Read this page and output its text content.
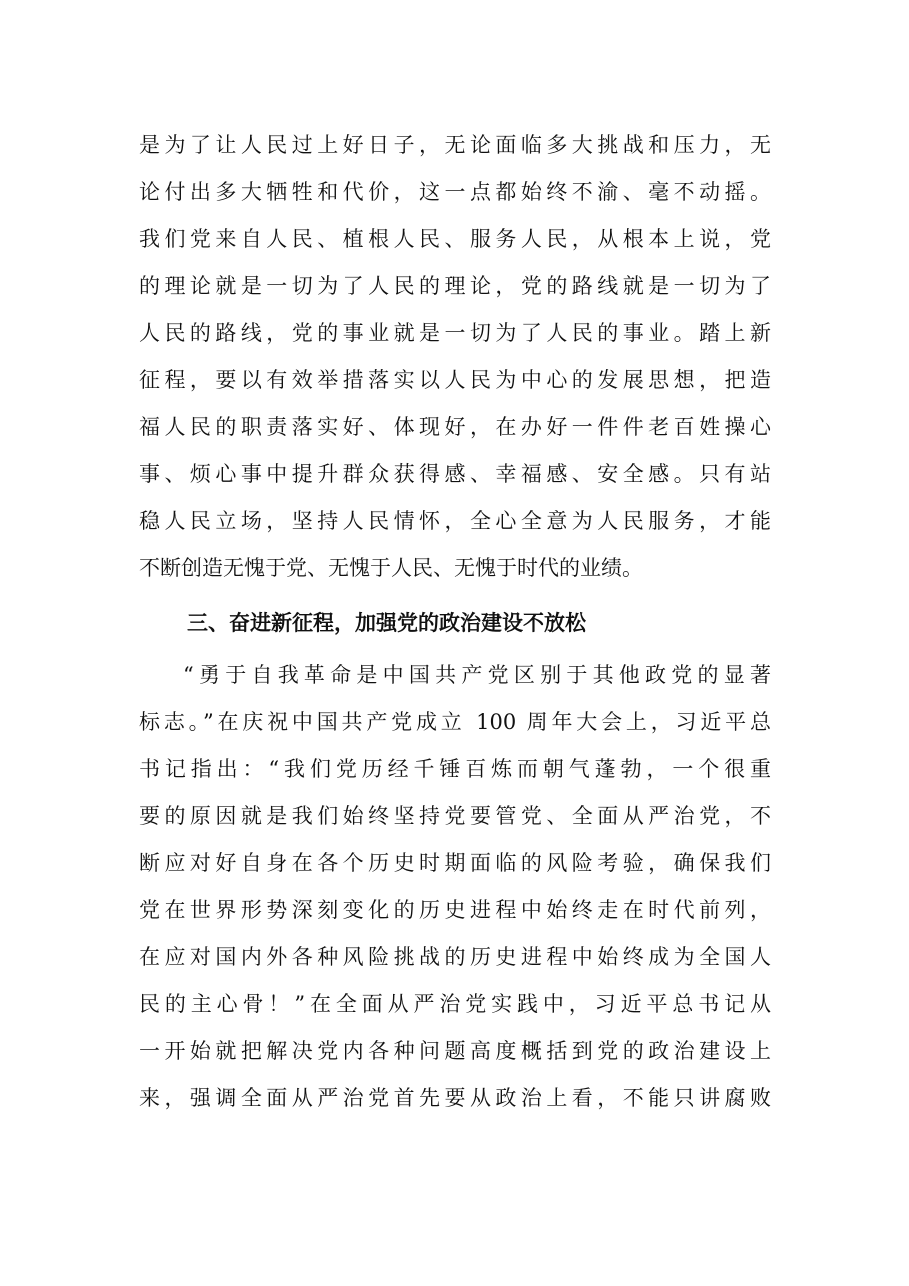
是为了让人民过上好日子，无论面临多大挑战和压力，无
论付出多大牺牲和代价，这一点都始终不渝、毫不动摇。
我们党来自人民、植根人民、服务人民，从根本上说，党
的理论就是一切为了人民的理论，党的路线就是一切为了
人民的路线，党的事业就是一切为了人民的事业。踏上新
征程，要以有效举措落实以人民为中心的发展思想，把造
福人民的职责落实好、体现好，在办好一件件老百姓操心
事、烦心事中提升群众获得感、幸福感、安全感。只有站
稳人民立场，坚持人民情怀，全心全意为人民服务，才能
不断创造无愧于党、无愧于人民、无愧于时代的业绩。
三、奋进新征程，加强党的政治建设不放松
“勇于自我革命是中国共产党区别于其他政党的显著
标志。”在庆祝中国共产党成立 100 周年大会上，习近平总
书记指出：“我们党历经千锤百炼而朝气蓬勃，一个很重
要的原因就是我们始终坚持党要管党、全面从严治党，不
断应对好自身在各个历史时期面临的风险考验，确保我们
党在世界形势深刻变化的历史进程中始终走在时代前列，
在应对国内外各种风险挑战的历史进程中始终成为全国人
民的主心骨！”在全面从严治党实践中，习近平总书记从
一开始就把解决党内各种问题高度概括到党的政治建设上
来，强调全面从严治党首先要从政治上看，不能只讲腐败
